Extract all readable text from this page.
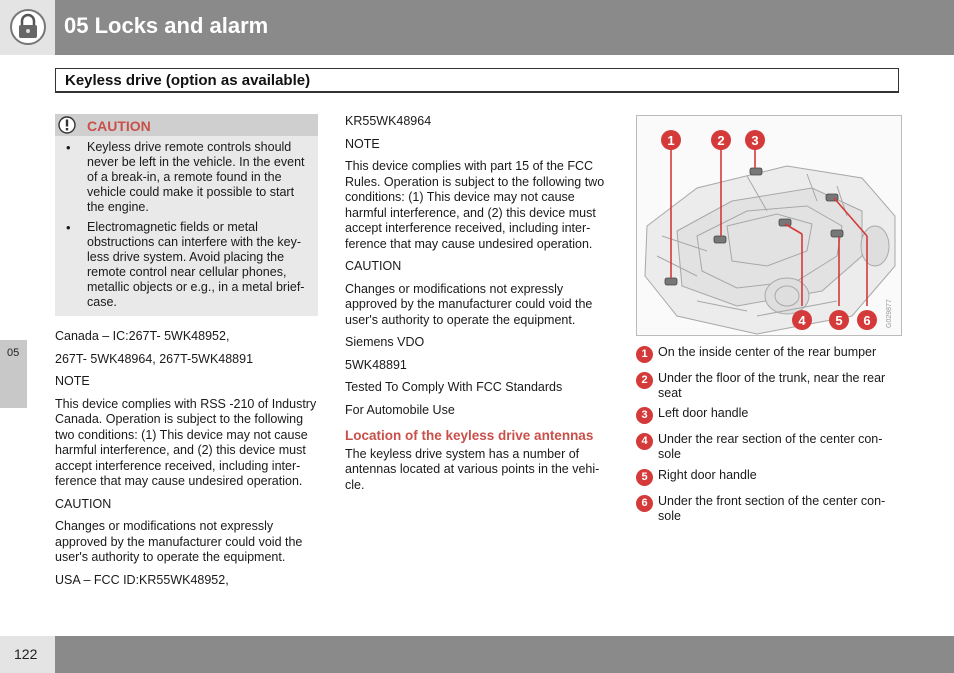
05 Locks and alarm
Keyless drive (option as available)
05
CAUTION
• Keyless drive remote controls should never be left in the vehicle. In the event of a break-in, a remote found in the vehicle could make it possible to start the engine.
• Electromagnetic fields or metal obstructions can interfere with the key-less drive system. Avoid placing the remote control near cellular phones, metallic objects or e.g., in a metal brief-case.

Canada – IC:267T- 5WK48952,

267T- 5WK48964, 267T-5WK48891

NOTE

This device complies with RSS -210 of Industry Canada. Operation is subject to the following two conditions: (1) This device may not cause harmful interference, and (2) this device must accept interference received, including inter-ference that may cause undesired operation.

CAUTION

Changes or modifications not expressly approved by the manufacturer could void the user's authority to operate the equipment.

USA – FCC ID:KR55WK48952,

KR55WK48964

NOTE

This device complies with part 15 of the FCC Rules. Operation is subject to the following two conditions: (1) This device may not cause harmful interference, and (2) this device must accept interference received, including inter-ference that may cause undesired operation.

CAUTION

Changes or modifications not expressly approved by the manufacturer could void the user's authority to operate the equipment.

Siemens VDO

5WK48891

Tested To Comply With FCC Standards

For Automobile Use

Location of the keyless drive antennas

The keyless drive system has a number of antennas located at various points in the vehi-cle.

1	2 3
4 5 6 G029877
1 On the inside center of the rear bumper
2 Under the floor of the trunk, near the rear seat
3 Left door handle
4 Under the rear section of the center con-sole
5 Right door handle
6 Under the front section of the center con-sole
122
